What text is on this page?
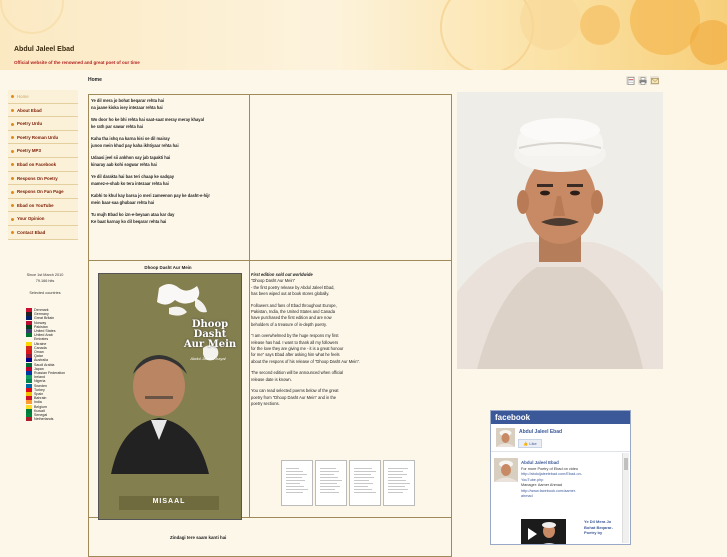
Abdul Jaleel Ebad
Official website of the renowned and great poet of our time
Home
About Ebad
Poetry Urdu
Poetry Roman Urdu
Poetry MP3
Ebad on Facebook
Respons On Poetry
Respons On Fan Page
Ebad on YouTube
Your Opinion
Contact Ebad
Since 1st March 2010
79.166 hits
Selected countries
Denmark
Germany
Great Britain
Norway
Pakistan
United States
United Arab Emirates
Ukraine
Canada
Oman
Qatar
Australia
Saudi Arabia
Japan
Russian Federation
Ireland
Nigeria
Sweden
Turkey
Spain
Bahrain
India
Belgium
Kuwait
Senegal
Netherlands
Home
Ye dil mera jo bohat beqarar rehta hai
na jaane kiska isey intezaar rehta hai
Wo door ho ke bhi rehta hai saat-saat meray meray khayal
ke rath par sawar rehta hai
Kaha tha ishq na karna kisi se dil mairay
junoo mein khud pay kaha ikhtiyaar rehta hai
Udaasi jeel sii ankhon say jab tapakti hai
kinaray aab kohi sogwar rehta hai
Ye dil darakta hai bas teri chaap ke sadqay
mamez-e-shab ko tera intezaar rehta hai
Kabhi to khul kay barsa jo meri zameenon pay ke dasht-e-hijr
mein baar-saa ghubaar rehta hai
Tu mujh Ebad ko izn-e-beyaan ataa kar day
Ke baat karnay ko dil beqarar rehta hai
Dhoop Dasht Aur Mein
Dhoop Dasht Aur Mein
Abdul Jaleel Khayal
MISAAL
First edition sold out worldwide
"Dhoop Dasht Aur Mein"
- the first poetry release by Abdul Jaleel Ebad,
has been wiped out at book stores globally.
Followers and fans of Ebad throughout Europe,
Pakistan, India, the United States and Canada
have purchased the first edition and are now
beholders of a treasure of in-depth poetry.
"I am overwhelmed by the huge respons my first
release has had. I want to thank all my followers
for the love they are giving me - it is a great honour
for me" says Ebad after asking him what he feels
about the respons of his release of "Dhoop Dasht Aur Mein".
The second edition will be announced when official
release date is known.
You can read selected poems below of the great
poetry from "Dhoop Dasht Aur Mein" and in the
poetry sections.
Zindagi tere saam kanti hai
facebook
Abdul Jaleel Ebad
👍 Like
Abdul Jaleel Ebad
For more Poetry of Ebad on video
http://abduljaleelebad.com/Ebad-on-
YouTube.php
Manager: Aamer Ahmad
http://www.facebook.com/aamer.
ahmad
Ye Dil Mera Jo Bohat Beqarar-Poetry by
